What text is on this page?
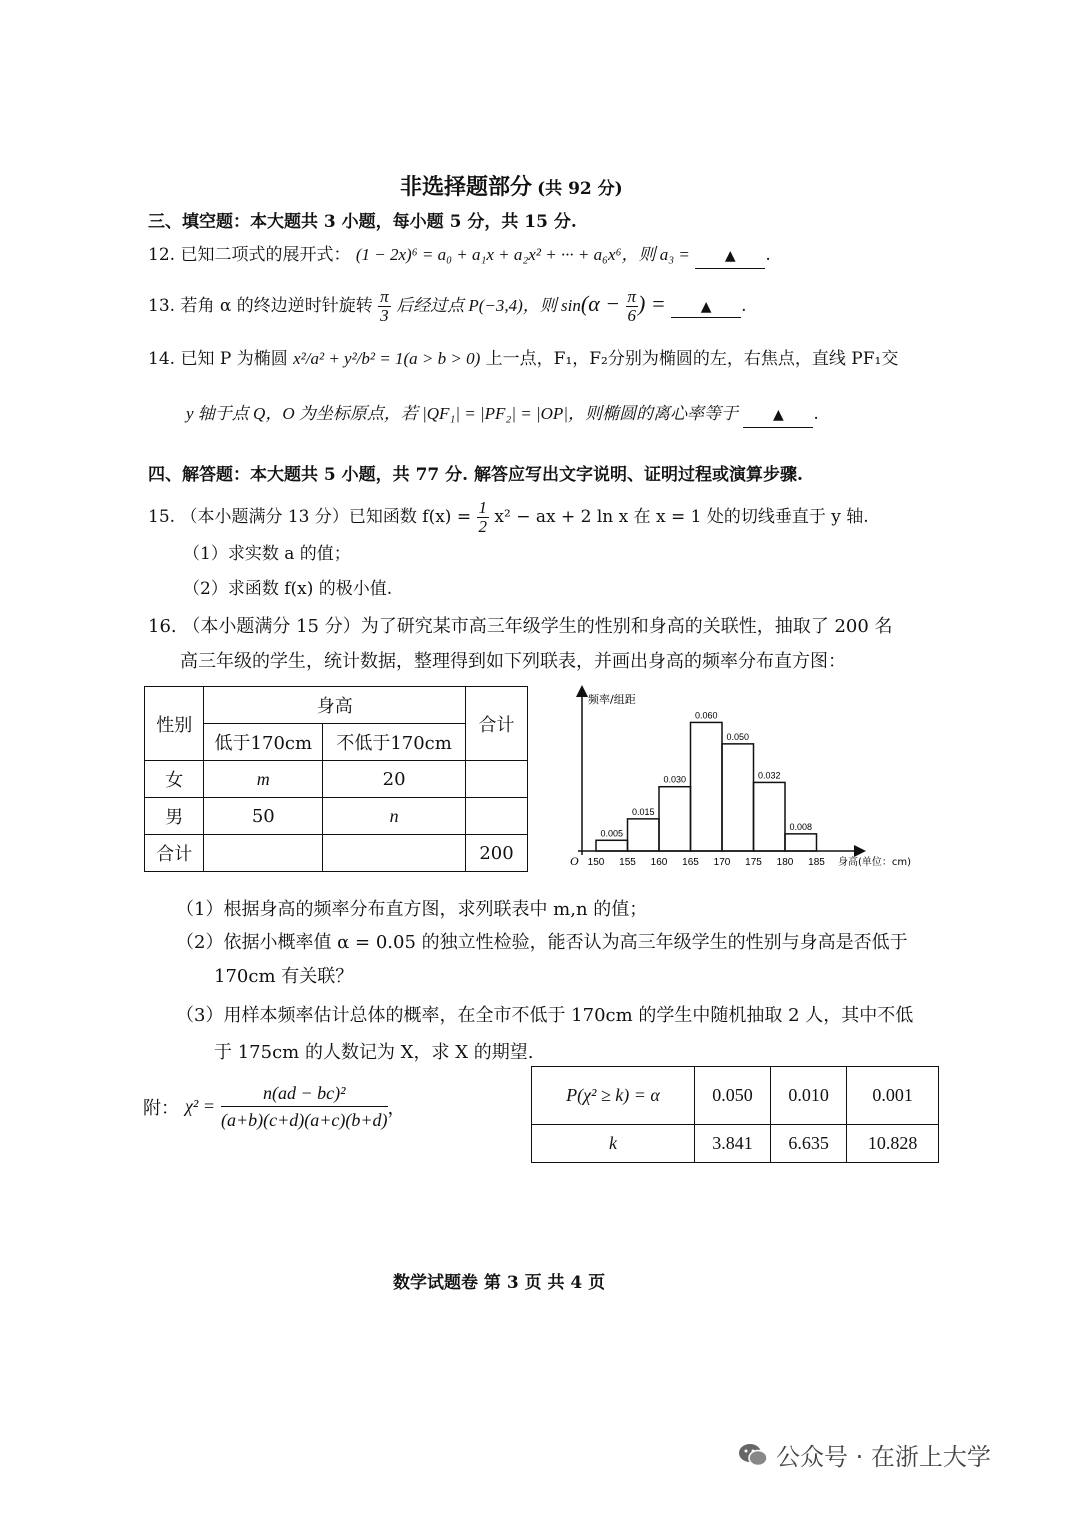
非选择题部分 (共 92 分)
三、填空题：本大题共 3 小题，每小题 5 分，共 15 分.
12. 已知二项式的展开式： (1 − 2x)⁶ = a₀ + a₁x + a₂x² + ··· + a₆x⁶，则 a₃ =	▲ .
13. 若角 α 的终边逆时针旋转 $\frac{\pi}{3}$ 后经过点 P(−3,4)，则 $\sin(\alpha - \frac{\pi}{6}$ ) =	▲ .
14. 已知 P 为椭圆 x²/a² + y²/b² = 1(a > b > 0) 上一点，F₁，F₂分别为椭圆的左，右焦点，直线 PF₁交
y 轴于点 Q，O 为坐标原点，若 |QF₁| = |PF₂| = |OP|，则椭圆的离心率等于	▲ .
四、解答题：本大题共 5 小题，共 77 分. 解答应写出文字说明、证明过程或演算步骤.
15. （本小题满分 13 分）已知函数 $f(x) = \frac{1}{2} x^2$ − ax + 2 ln x 在 x = 1 处的切线垂直于 y 轴.
（1）求实数 a 的值；
（2）求函数 f(x) 的极小值.
16. （本小题满分 15 分）为了研究某市高三年级学生的性别和身高的关联性，抽取了 200 名
高三年级的学生，统计数据，整理得到如下列联表，并画出身高的频率分布直方图：
性别	身高		合计
	低于170cm	不低于170cm	
女	m	20	
男	50	n	
合计			200
频率/组距
O	身高(单位：cm)
0.005
0.015
0.030
0.060
0.050
0.032
0.008
150 155 160 165 170 175 180 185
（1）根据身高的频率分布直方图，求列联表中 m,n 的值；
（2）依据小概率值 α = 0.05 的独立性检验，能否认为高三年级学生的性别与身高是否低于
170cm 有关联？
（3）用样本频率估计总体的概率，在全市不低于 170cm 的学生中随机抽取 2 人，其中不低
于 175cm 的人数记为 X，求 X 的期望.
附： $\chi^2 = \frac{\text{n(ad − bc)²}}{(a+b)(c+d)(a+c)(b+d)}$ ，
P(χ² ≥ k) = α	0.050	0.010	0.001
k	3.841	6.635	10.828
数学试题卷 第 3 页 共 4 页
公众号 · 在浙上大学
